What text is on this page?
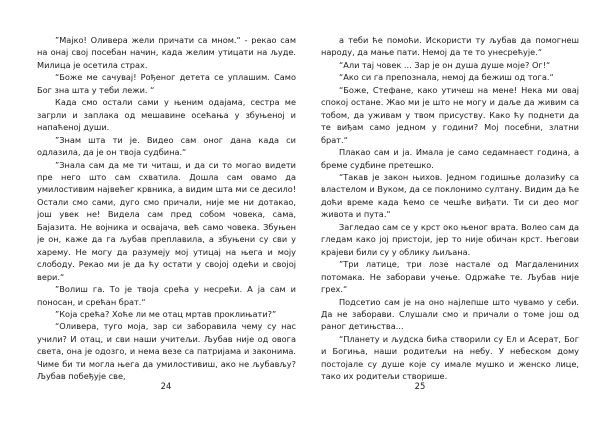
”Мајко! Оливера жели причати са мном.“ - рекао сам на онај свој посебан начин, када желим утицати на људе. Милица је осетила страх.

“Боже ме сачувај! Рођеног детета се уплашим. Само Бог зна шта у теби лежи. “

Када смо остали сами у њеним одајама, сестра ме загрли и заплака од мешавине осећања у збуњеној и напаћеној души.

”Знам шта ти је. Видео сам оног дана када си одлазила, да је он твоја судбина.“

”Знала сам да ме ти читаш, и да си то могао видети пре него што сам схватила. Дошла сам овамо да умилостивим највећег крвника, а видим шта ми се десило! Остали смо сами, дуго смо причали, није ме ни дотакао, још увек не! Видела сам пред собом човека, сама, Бајазита. Не војника и освајача, већ само човека. Збуњен је он, каже да га љубав преплавила, а збуњени су сви у харему. Не могу да разумеју мој утицај на њега и моју слободу. Рекао ми је да ћу остати у својој одећи и својој вери.“

”Волиш га. То је твоја срећа у несрећи. А ја сам и поносан, и срећан брат.“

”Која срећа? Хоће ли ме отац мртав проклињати?”

“Оливера, туго моја, зар си заборавила чему су нас учили? И отац, и сви наши учитељи. Љубав није од овога света, она је одозго, и нема везе са патријама и законима. Чиме би ти могла њега да умилостивиш, ако не љубављу? Љубав побеђује све,

24

а теби ће помоћи. Искористи ту љубав да помогнеш народу, да мање пати. Немој да те то унесрећује.“

“Али тај човек ... Зар је он душа душе моје? Ог!“

“Ако си га препознала, немој да бежиш од тога.“

“Боже, Стефане, како утичеш на мене! Нека ми овај спокој остане. Жао ми је што не могу и даље да живим са тобом, да уживам у твом присуству. Како ћу поднети да те виђам само једном у години? Мој посебни, златни брат.“

Плакао сам и ја. Имала је само седамнаест година, а бреме судбине претешко.

“Такав је закон њихов. Једном годишње долазићу са властелом и Вуком, да се поклонимо султану. Видим да ће доћи време када ћемо се чешће виђати. Ти си део мог живота и пута.“

Загледао сам се у крст око њеног врата. Волео сам да гледам како јој пристоји, јер то није обичан крст. Његови крајеви били су у облику љиљана.

”Три латице, три лозе настале од Магдалениних потомака. Не заборави учење. Одржаће те. Љубав није грех.“

Подсетио сам је на оно најлепше што чувамо у себи. Да не заборави. Слушали смо и причали о томе још од раног детињства...

“Планету и људска бића створили су Ел и Асерат, Бог и Богиња, наши родитељи на небу. У небеском дому постојале су душе које су имале мушко и женско лице, тако их родитељи створише.

25
